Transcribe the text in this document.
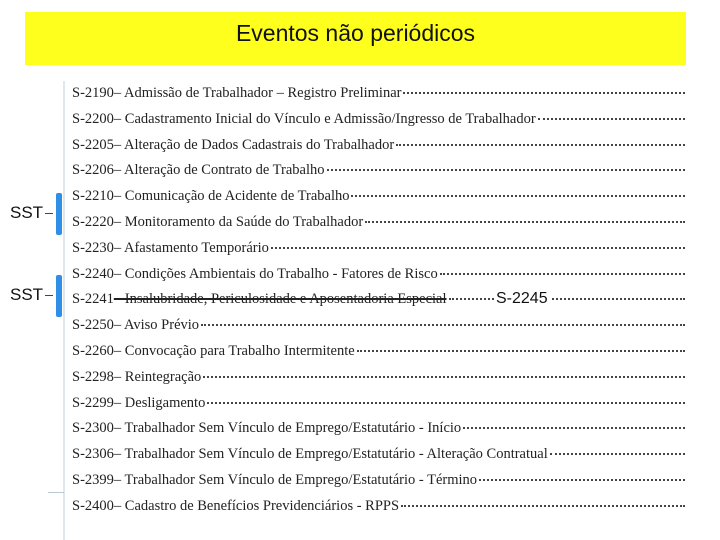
Eventos não periódicos
S-2190 – Admissão de Trabalhador – Registro Preliminar
S-2200 – Cadastramento Inicial do Vínculo e Admissão/Ingresso de Trabalhador
S-2205 – Alteração de Dados Cadastrais do Trabalhador
S-2206 – Alteração de Contrato de Trabalho
S-2210 – Comunicação de Acidente de Trabalho
S-2220 – Monitoramento da Saúde do Trabalhador
S-2230 – Afastamento Temporário
S-2240 – Condições Ambientais do Trabalho - Fatores de Risco
S-2241 – Insalubridade, Periculosidade e Aposentadoria Especial
S-2250 – Aviso Prévio
S-2260 – Convocação para Trabalho Intermitente
S-2298 – Reintegração
S-2299 – Desligamento
S-2300 – Trabalhador Sem Vínculo de Emprego/Estatutário - Início
S-2306 – Trabalhador Sem Vínculo de Emprego/Estatutário - Alteração Contratual
S-2399 – Trabalhador Sem Vínculo de Emprego/Estatutário - Término
S-2400 – Cadastro de Benefícios Previdenciários - RPPS
SST
SST	S-2245
